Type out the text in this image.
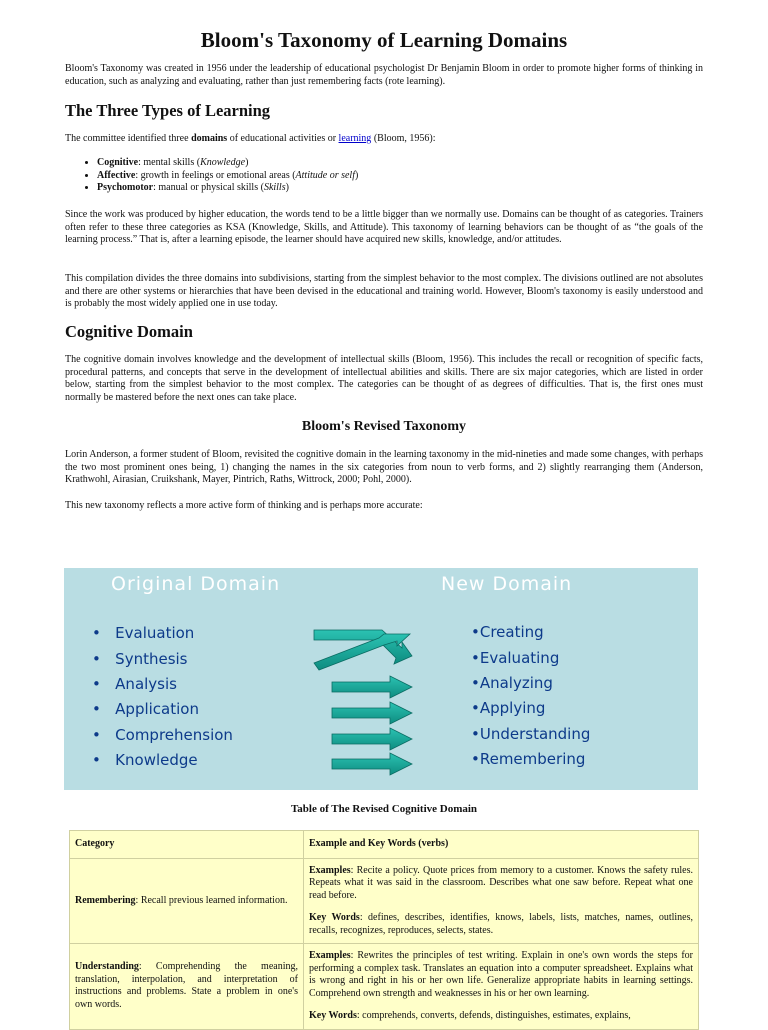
Bloom's Taxonomy of Learning Domains

Bloom's Taxonomy was created in 1956 under the leadership of educational psychologist Dr Benjamin Bloom in order to promote higher forms of thinking in education, such as analyzing and evaluating, rather than just remembering facts (rote learning).

The Three Types of Learning

The committee identified three domains of educational activities or learning (Bloom, 1956):

• Cognitive: mental skills (Knowledge)
• Affective: growth in feelings or emotional areas (Attitude or self)
• Psychomotor: manual or physical skills (Skills)

Since the work was produced by higher education, the words tend to be a little bigger than we normally use. Domains can be thought of as categories. Trainers often refer to these three categories as KSA (Knowledge, Skills, and Attitude). This taxonomy of learning behaviors can be thought of as “the goals of the learning process.” That is, after a learning episode, the learner should have acquired new skills, knowledge, and/or attitudes.

This compilation divides the three domains into subdivisions, starting from the simplest behavior to the most complex. The divisions outlined are not absolutes and there are other systems or hierarchies that have been devised in the educational and training world. However, Bloom's taxonomy is easily understood and is probably the most widely applied one in use today.

Cognitive Domain

The cognitive domain involves knowledge and the development of intellectual skills (Bloom, 1956). This includes the recall or recognition of specific facts, procedural patterns, and concepts that serve in the development of intellectual abilities and skills. There are six major categories, which are listed in order below, starting from the simplest behavior to the most complex. The categories can be thought of as degrees of difficulties. That is, the first ones must normally be mastered before the next ones can take place.

Bloom's Revised Taxonomy

Lorin Anderson, a former student of Bloom, revisited the cognitive domain in the learning taxonomy in the mid-nineties and made some changes, with perhaps the two most prominent ones being, 1) changing the names in the six categories from noun to verb forms, and 2) slightly rearranging them (Anderson, Krathwohl, Airasian, Cruikshank, Mayer, Pintrich, Raths, Wittrock, 2000; Pohl, 2000).

This new taxonomy reflects a more active form of thinking and is perhaps more accurate:

Original Domain	New Domain
• Evaluation
• Synthesis
• Analysis
• Application
• Comprehension
• Knowledge
•Creating
•Evaluating
•Analyzing
•Applying
•Understanding
•Remembering
Table of The Revised Cognitive Domain
Category	Example and Key Words (verbs)
Remembering: Recall previous learned information.	Examples: Recite a policy. Quote prices from memory to a customer. Knows the safety rules. Repeats what it was said in the classroom. Describes what one saw before. Repeat what one read before.

Key Words: defines, describes, identifies, knows, labels, lists, matches, names, outlines, recalls, recognizes, reproduces, selects, states.

Understanding: Comprehending the meaning, translation, interpolation, and interpretation of instructions and problems. State a problem in one's own words.	Examples: Rewrites the principles of test writing. Explain in one's own words the steps for performing a complex task. Translates an equation into a computer spreadsheet. Explains what is wrong and right in his or her own life. Generalize appropriate habits in learning settings. Comprehend own strength and weaknesses in his or her own learning.

Key Words: comprehends, converts, defends, distinguishes, estimates, explains,
